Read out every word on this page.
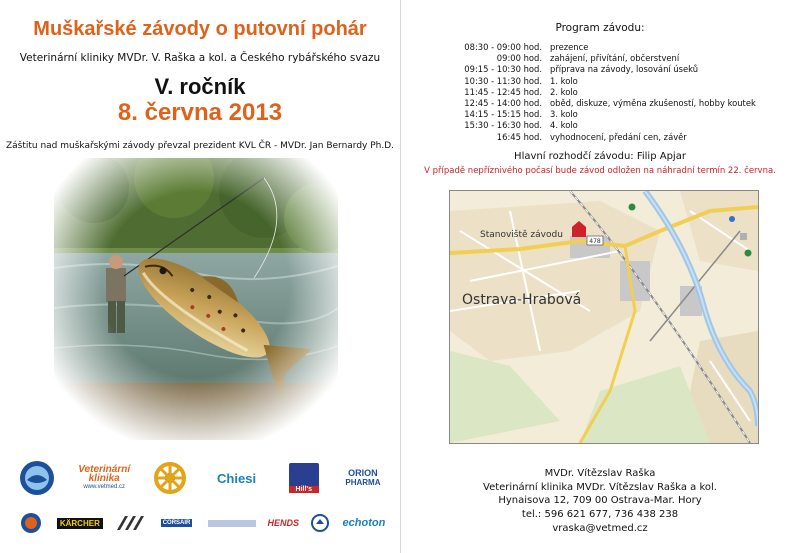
Muškařské závody o putovní pohár
Veterinární kliniky MVDr. V. Raška a kol. a Českého rybářského svazu
V. ročník
8. června 2013
Záštitu nad muškařskými závody převzal prezident KVL ČR - MVDr. Jan Bernardy Ph.D.
Veterinární
klinika
www.vetmed.cz
Chiesi
Hill's
ORION
PHARMA
KÄRCHER	CORSAIR	HENDS	echoton
Program závodu:
08:30 - 09:00 hod. prezence
09:00 hod. zahájení, přivítání, občerstvení
09:15 - 10:30 hod. příprava na závody, losování úseků
10:30 - 11:30 hod. 1. kolo
11:45 - 12:45 hod. 2. kolo
12:45 - 14:00 hod. oběd, diskuze, výměna zkušeností, hobby koutek
14:15 - 15:15 hod. 3. kolo
15:30 - 16:30 hod. 4. kolo
16:45 hod. vyhodnocení, předání cen, závěr
Hlavní rozhodčí závodu: Filip Apjar
V případě nepříznivého počasí bude závod odložen na náhradní termín 22. června.
478
Stanoviště závodu
Ostrava-Hrabová
MVDr. Vítězslav Raška
Veterinární klinika MVDr. Vítězslav Raška a kol.
Hynaisova 12, 709 00 Ostrava-Mar. Hory
tel.: 596 621 677, 736 438 238
vraska@vetmed.cz
